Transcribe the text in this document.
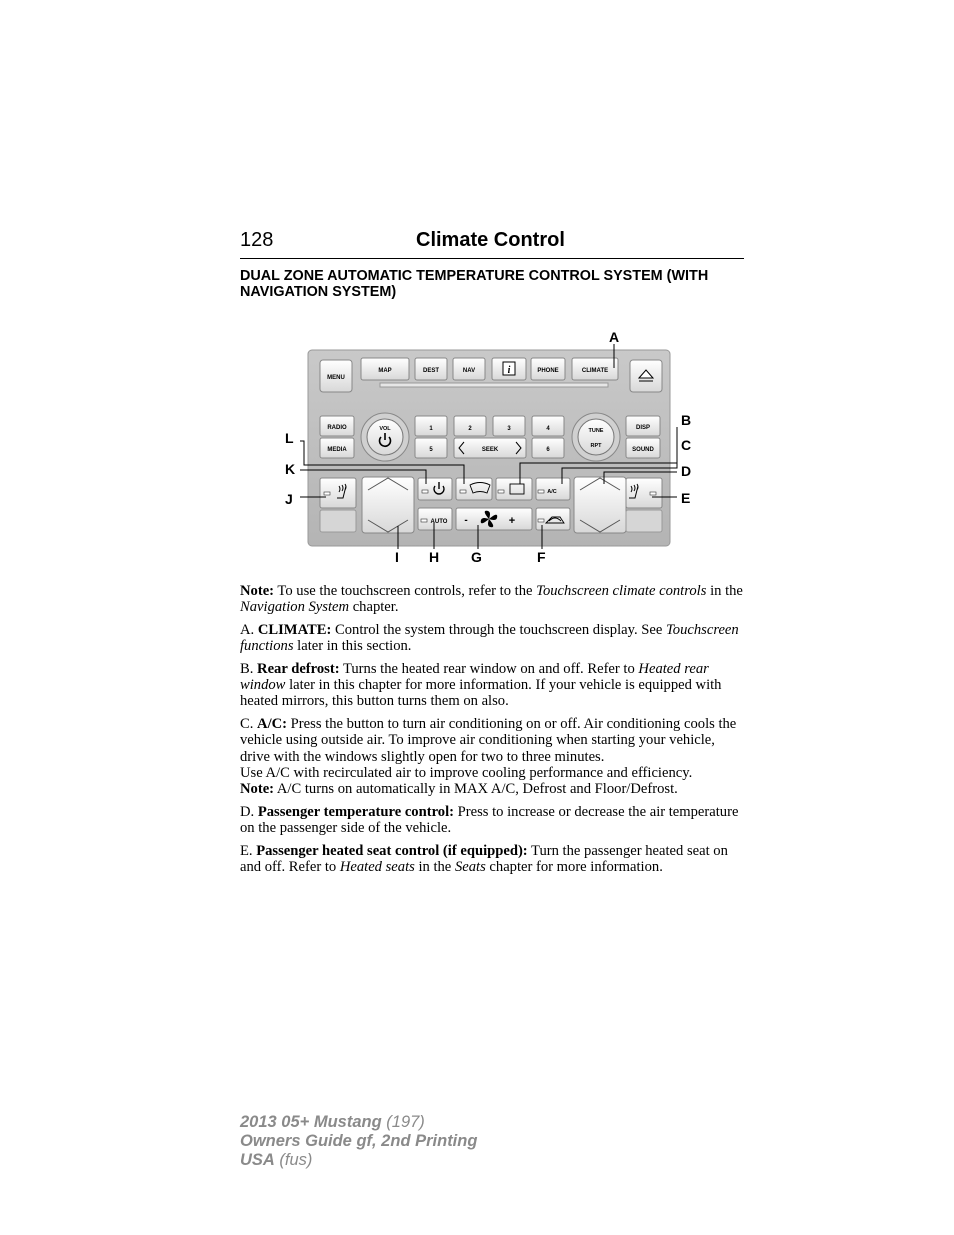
128	Climate Control
DUAL ZONE AUTOMATIC TEMPERATURE CONTROL SYSTEM (WITH NAVIGATION SYSTEM)
MENU
MAP	DEST	NAV	i	PHONE	CLIMATE
RADIO
MEDIA
VOL	1	2	3	4
5	SEEK	6
TUNE
RPT
DISP
SOUND
A/C
AUTO -	+
A
B
C
D
E
F
G
H
I
J
K
L

Note: To use the touchscreen controls, refer to the Touchscreen climate controls in the Navigation System chapter.

A. CLIMATE: Control the system through the touchscreen display. See Touchscreen functions later in this section.

B. Rear defrost: Turns the heated rear window on and off. Refer to Heated rear window later in this chapter for more information. If your vehicle is equipped with heated mirrors, this button turns them on also.

C. A/C: Press the button to turn air conditioning on or off. Air conditioning cools the vehicle using outside air. To improve air conditioning when starting your vehicle, drive with the windows slightly open for two to three minutes.

Use A/C with recirculated air to improve cooling performance and efficiency.

Note: A/C turns on automatically in MAX A/C, Defrost and Floor/Defrost.

D. Passenger temperature control: Press to increase or decrease the air temperature on the passenger side of the vehicle.

E. Passenger heated seat control (if equipped): Turn the passenger heated seat on and off. Refer to Heated seats in the Seats chapter for more information.

2013 05+ Mustang (197)
Owners Guide gf, 2nd Printing
USA (fus)
